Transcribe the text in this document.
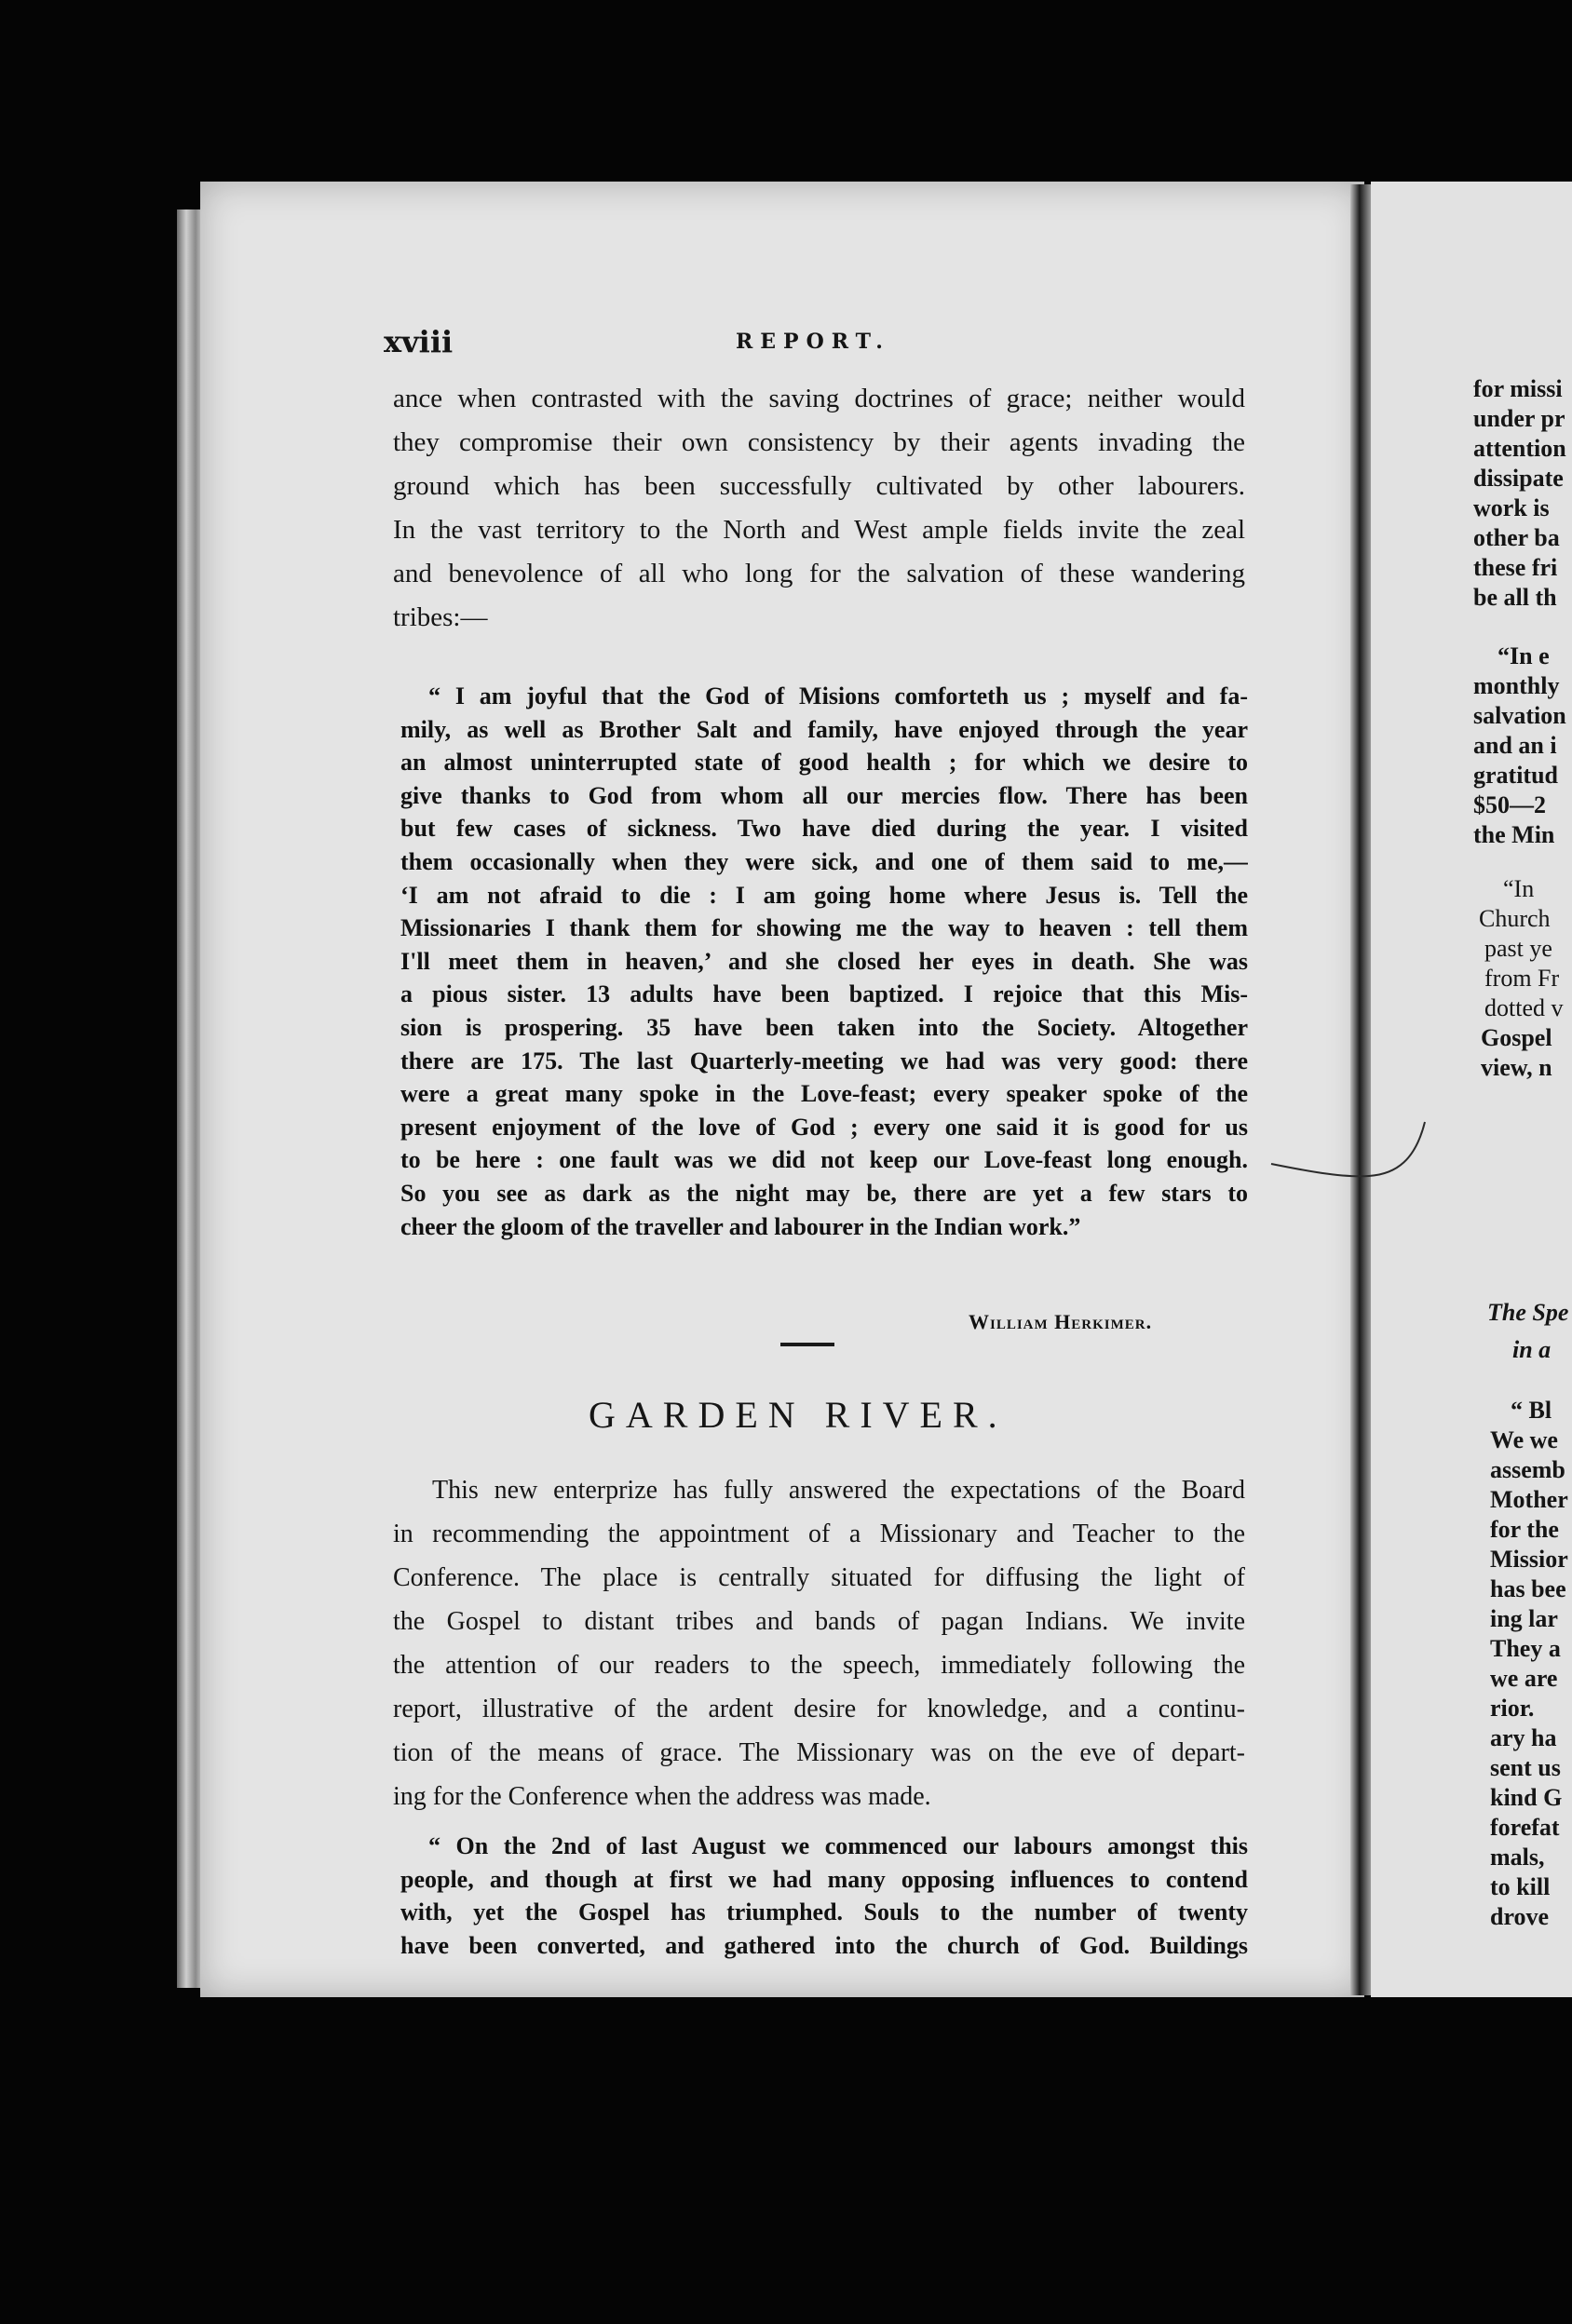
xviii	REPORT.
ance when contrasted with the saving doctrines of grace; neither would
they compromise their own consistency by their agents invading the
ground which has been successfully cultivated by other labourers.
In the vast territory to the North and West ample fields invite the zeal
and benevolence of all who long for the salvation of these wandering
tribes:—
“ I am joyful that the God of Misions comforteth us ; myself and fa-
mily, as well as Brother Salt and family, have enjoyed through the year
an almost uninterrupted state of good health ; for which we desire to
give thanks to God from whom all our mercies flow. There has been
but few cases of sickness. Two have died during the year. I visited
them occasionally when they were sick, and one of them said to me,—
‘I am not afraid to die : I am going home where Jesus is. Tell the
Missionaries I thank them for showing me the way to heaven : tell them
I'll meet them in heaven,’ and she closed her eyes in death. She was
a pious sister. 13 adults have been baptized. I rejoice that this Mis-
sion is prospering. 35 have been taken into the Society. Altogether
there are 175. The last Quarterly-meeting we had was very good: there
were a great many spoke in the Love-feast; every speaker spoke of the
present enjoyment of the love of God ; every one said it is good for us
to be here : one fault was we did not keep our Love-feast long enough.
So you see as dark as the night may be, there are yet a few stars to
cheer the gloom of the traveller and labourer in the Indian work.”
William Herkimer.
GARDEN RIVER.
This new enterprize has fully answered the expectations of the Board
in recommending the appointment of a Missionary and Teacher to the
Conference. The place is centrally situated for diffusing the light of
the Gospel to distant tribes and bands of pagan Indians. We invite
the attention of our readers to the speech, immediately following the
report, illustrative of the ardent desire for knowledge, and a continu-
tion of the means of grace. The Missionary was on the eve of depart-
ing for the Conference when the address was made.
“ On the 2nd of last August we commenced our labours amongst this
people, and though at first we had many opposing influences to contend
with, yet the Gospel has triumphed. Souls to the number of twenty
have been converted, and gathered into the church of God. Buildings
for missi
under pr
attention
dissipate
work is
other ba
these fri
be all th
“In e
monthly
salvation
and an i
gratitud
$50—2
the Min
“In
Church
past ye
from Fr
dotted v
Gospel
view, n
The Spe
in a
“ Bl
We we
assemb
Mother
for the
Missior
has bee
ing lar
They a
we are
rior.
ary ha
sent us
kind G
forefat
mals,
to kill
drove
